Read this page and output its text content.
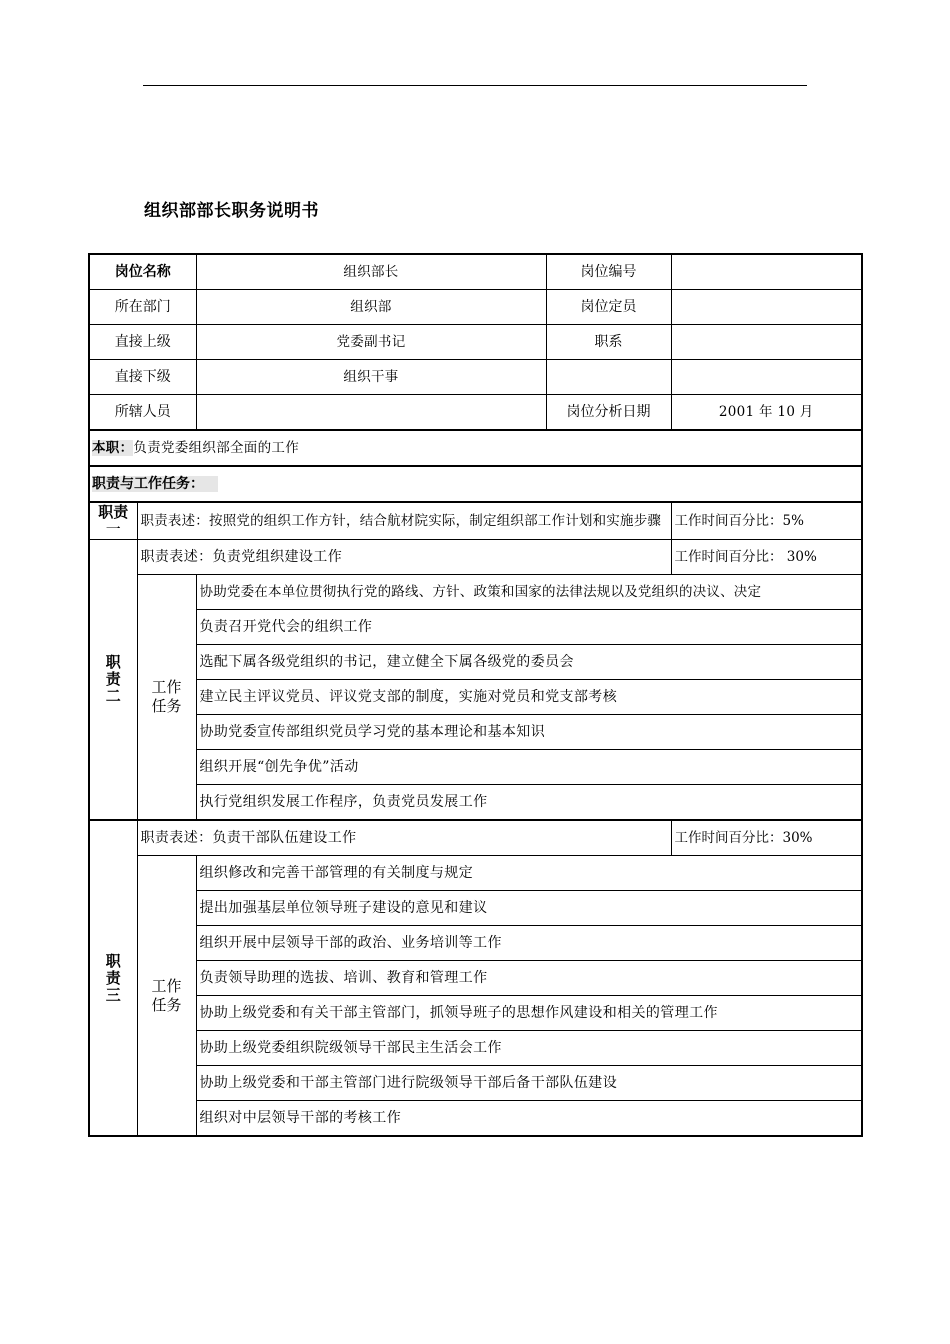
组织部部长职务说明书
岗位名称		组织部长	岗位编号	
所在部门		组织部	岗位定员	
直接上级		党委副书记	职系	
直接下级		组织干事		
所辖人员			岗位分析日期	2001 年 10 月
本职：负责党委组织部全面的工作				
职责与工作任务：				

职责
一	职责表述：按照党的组织工作方针，结合航材院实际，制定组织部工作计划和实施步骤			工作时间百分比：5%

职
责
二	职责表述：负责党组织建设工作			工作时间百分比： 30%

	工作
任务	协助党委在本单位贯彻执行党的路线、方针、政策和国家的法律法规以及党组织的决议、决定		
		负责召开党代会的组织工作		
		选配下属各级党组织的书记，建立健全下属各级党的委员会		
		建立民主评议党员、评议党支部的制度，实施对党员和党支部考核		
		协助党委宣传部组织党员学习党的基本理论和基本知识		
		组织开展“创先争优”活动		
		执行党组织发展工作程序，负责党员发展工作		

职
责
三	职责表述：负责干部队伍建设工作			工作时间百分比：30%

	工作
任务	组织修改和完善干部管理的有关制度与规定		
		提出加强基层单位领导班子建设的意见和建议		
		组织开展中层领导干部的政治、业务培训等工作		
		负责领导助理的选拔、培训、教育和管理工作		
		协助上级党委和有关干部主管部门，抓领导班子的思想作风建设和相关的管理工作		
		协助上级党委组织院级领导干部民主生活会工作		
		协助上级党委和干部主管部门进行院级领导干部后备干部队伍建设		
		组织对中层领导干部的考核工作		
